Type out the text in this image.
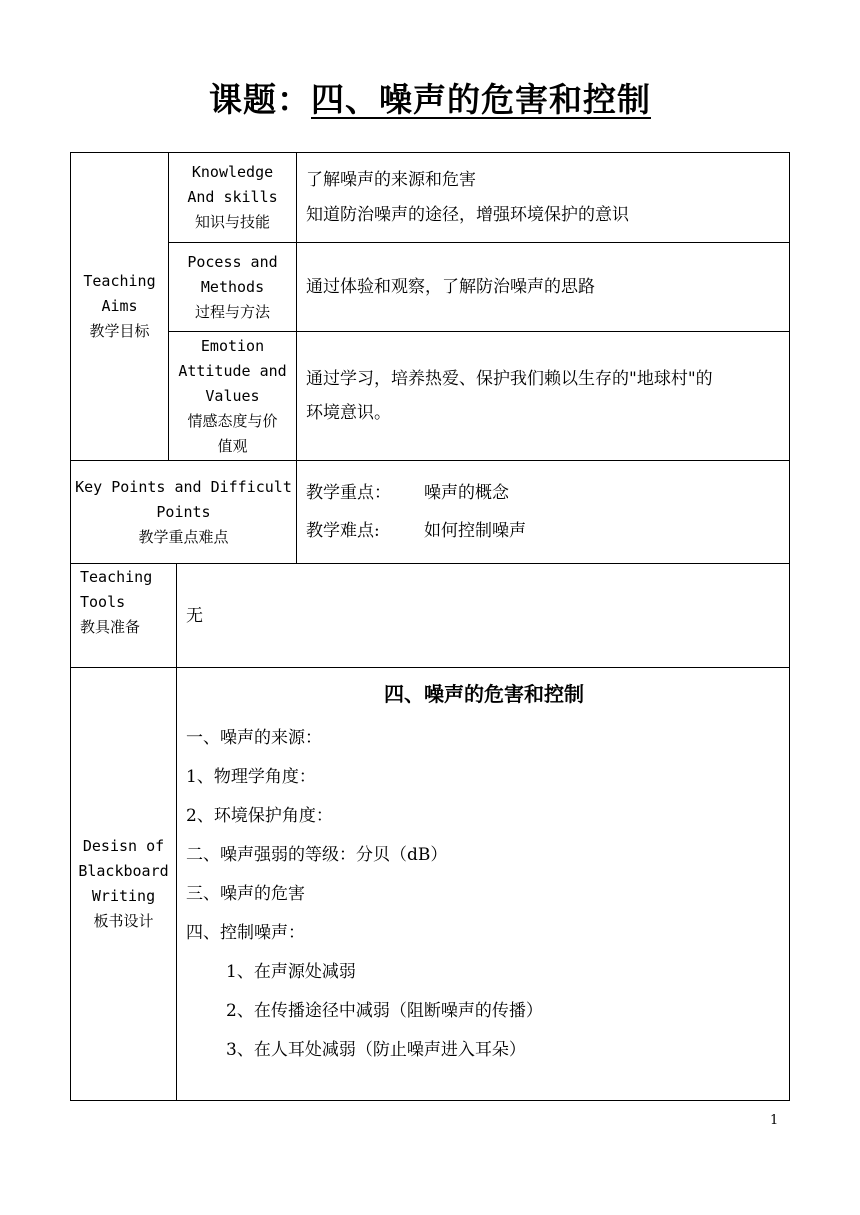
课题：四、噪声的危害和控制
Teaching
Aims
教学目标
Knowledge
And skills
知识与技能
了解噪声的来源和危害
知道防治噪声的途径，增强环境保护的意识
Pocess and
Methods
过程与方法
通过体验和观察，了解防治噪声的思路
Emotion
Attitude and
Values
情感态度与价
值观
通过学习，培养热爱、保护我们赖以生存的"地球村"的
环境意识。
Key Points and Difficult
Points
教学重点难点
教学重点： 噪声的概念
教学难点:	如何控制噪声
Teaching
Tools
教具准备
无
Desisn of
Blackboard
Writing
板书设计
四、噪声的危害和控制
一、噪声的来源：
1、物理学角度：
2、环境保护角度：
二、噪声强弱的等级：分贝（dB）
三、噪声的危害
四、控制噪声：
1、在声源处减弱
2、在传播途径中减弱（阻断噪声的传播）
3、在人耳处减弱（防止噪声进入耳朵）
1
